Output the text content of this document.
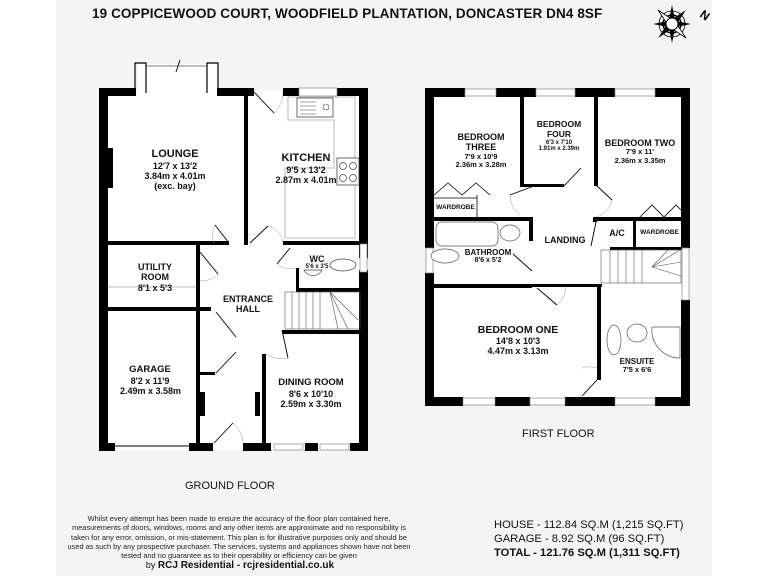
19 COPPICEWOOD COURT, WOODFIELD PLANTATION, DONCASTER DN4 8SF	N
LOUNGE
12'7 x 13'2
3.84m x 4.01m
(exc. bay)
KITCHEN
9'5 x 13'2
2.87m x 4.01m
UTILITY
ROOM
8'1 x 5'3
WC
5'6 x 3'5
ENTRANCE
HALL
GARAGE
8'2 x 11'9
2.49m x 3.58m
DINING ROOM
8'6 x 10'10
2.59m x 3.30m
GROUND FLOOR
BEDROOM
THREE
7'9 x 10'9
2.36m x 3.28m
BEDROOM
FOUR
6'3 x 7'10
1.91m x 2.39m
BEDROOM TWO
7'9 x 11'
2.36m x 3.35m
WARDROBE
WARDROBE
A/C
LANDING
BATHROOM
8'6 x 5'2
BEDROOM ONE
14'8 x 10'3
4.47m x 3.13m
ENSUITE
7'5 x 6'6
FIRST FLOOR
Whilst every attempt has been made to ensure the accuracy of the floor plan contained here, measurements of doors, windows, rooms and any other items are approximate and no responsibility is taken for any error, omission, or mis-statement. This plan is for illustrative purposes only and should be used as such by any prospective purchaser. The services, systems and appliances shown have not been tested and no guarantee as to their operability or efficiency can be given
by RCJ Residential - rcjresidential.co.uk
HOUSE - 112.84 SQ.M (1,215 SQ.FT)
GARAGE - 8.92 SQ.M (96 SQ.FT)
TOTAL - 121.76 SQ.M (1,311 SQ.FT)
